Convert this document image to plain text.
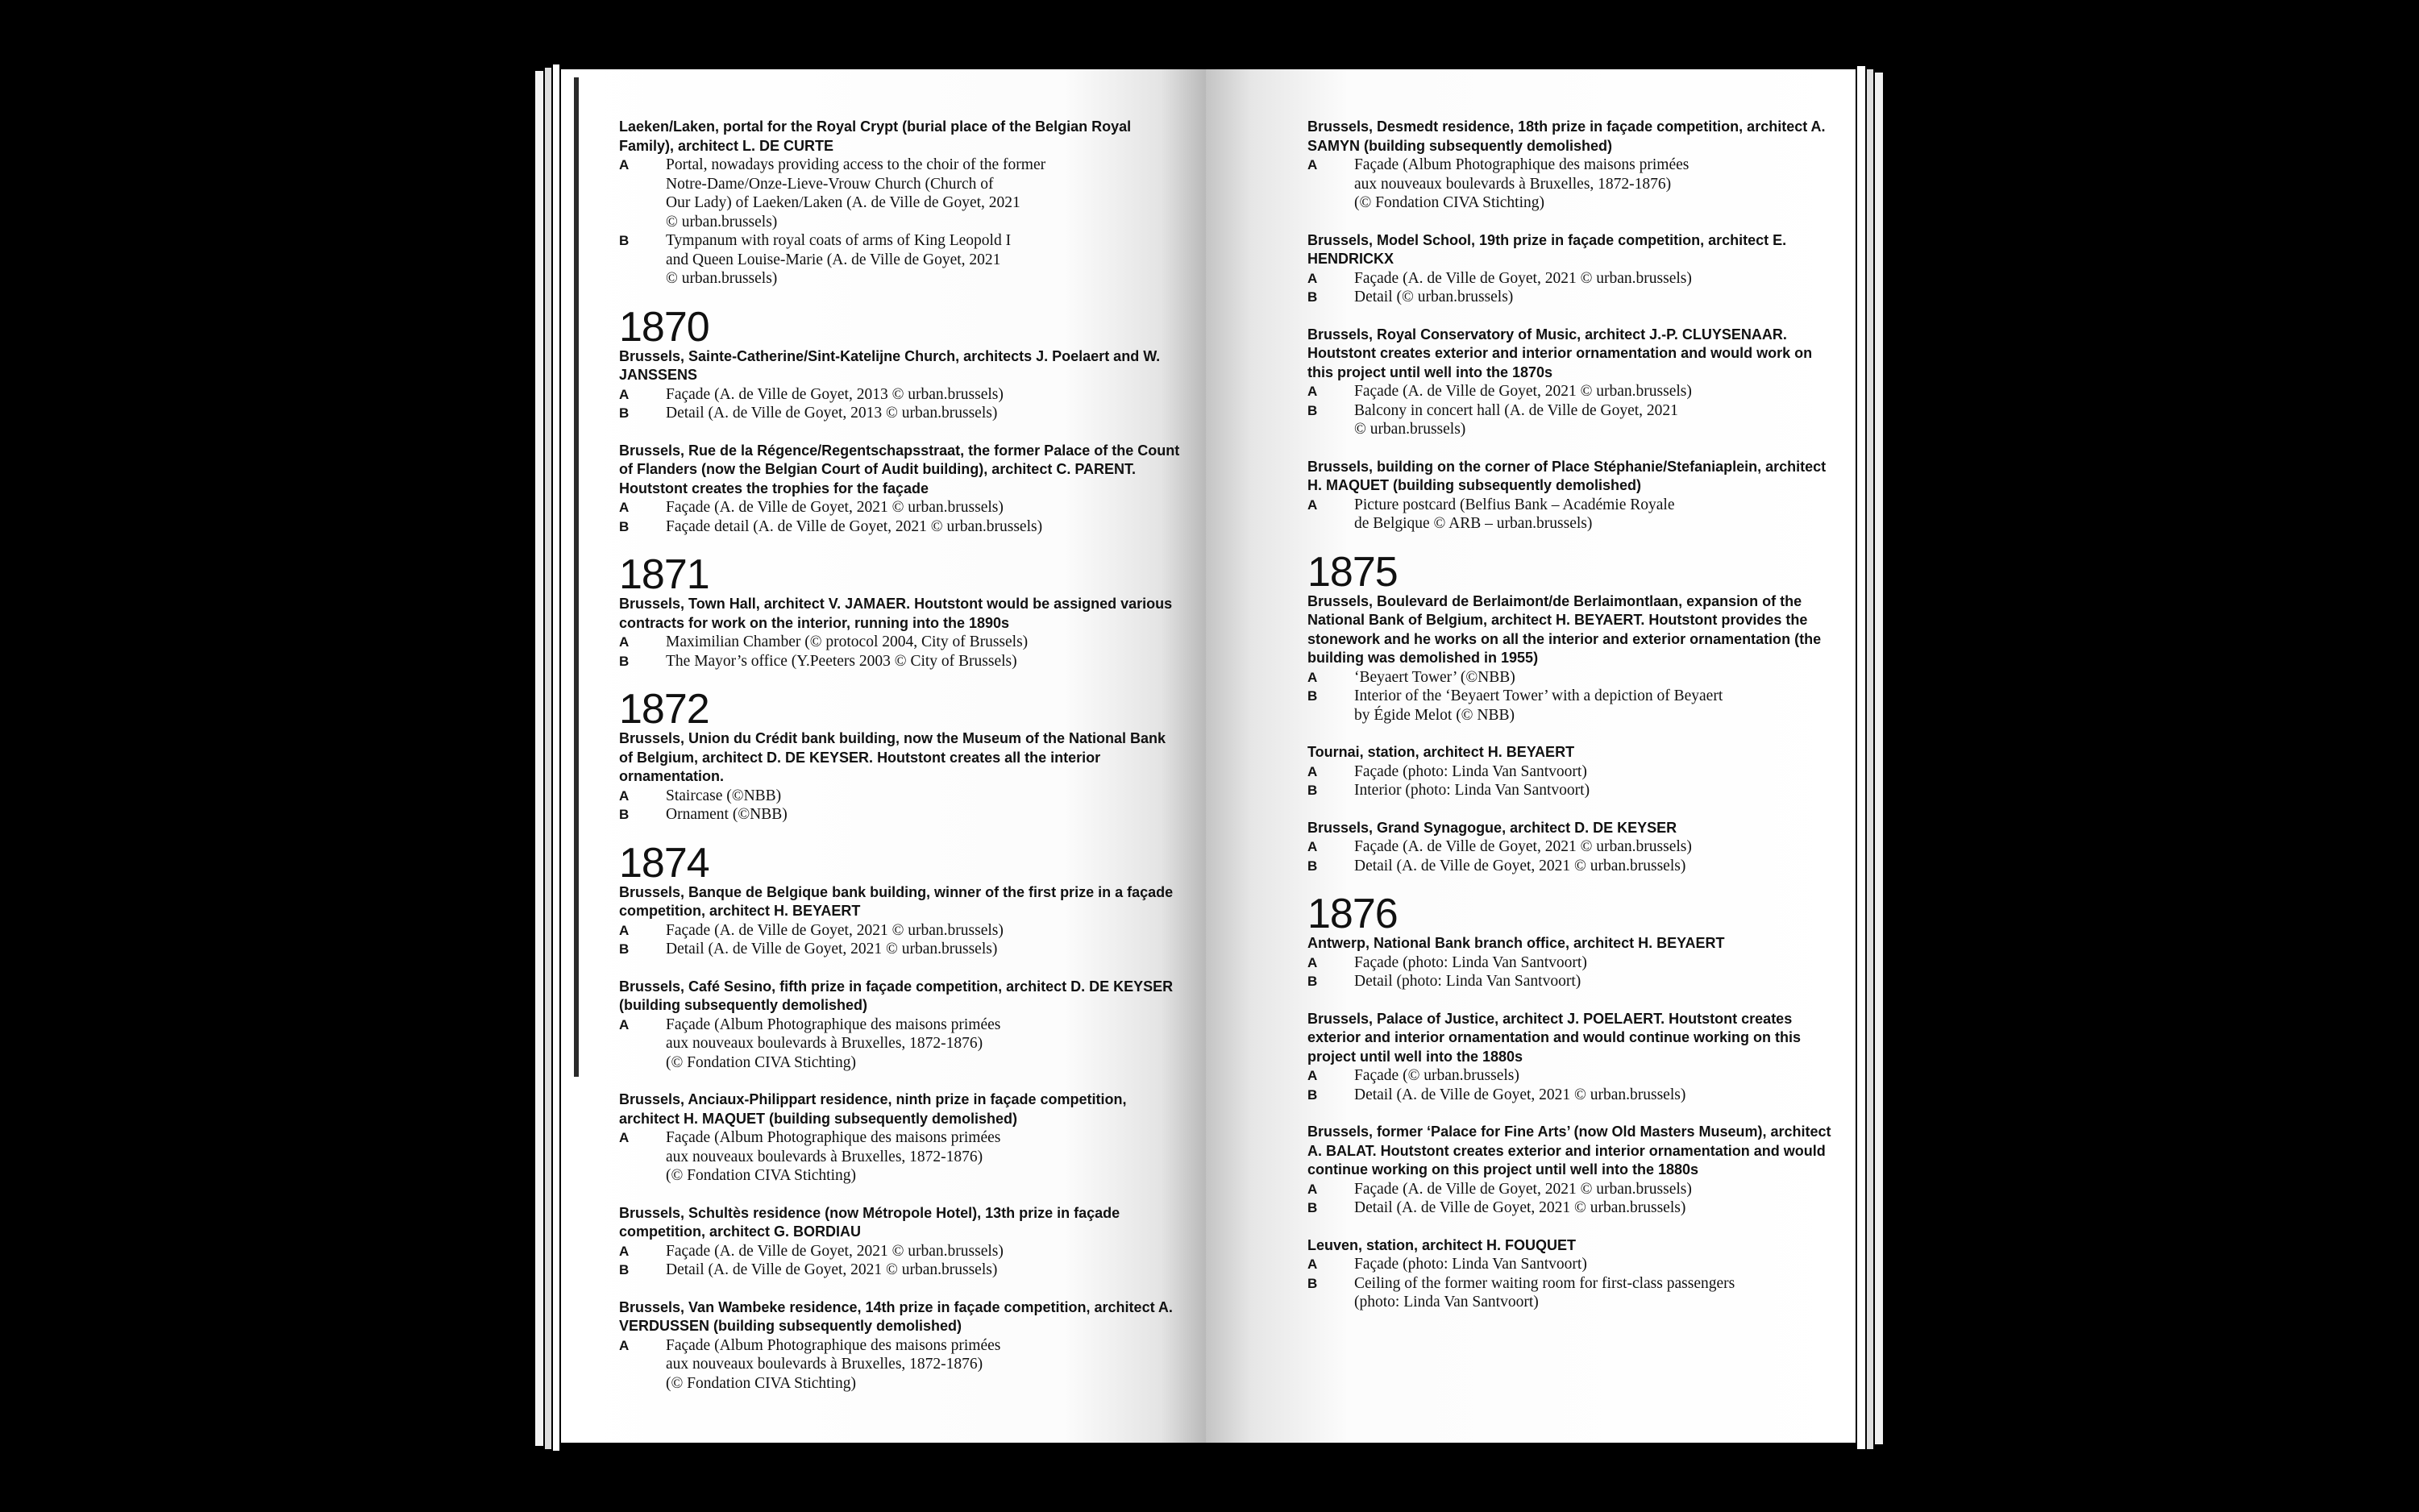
Laeken/Laken, portal for the Royal Crypt (burial place of the Belgian Royal Family), architect L. DE CURTE
A	Portal, nowadays providing access to the choir of the former
Notre-Dame/Onze-Lieve-Vrouw Church (Church of
Our Lady) of Laeken/Laken (A. de Ville de Goyet, 2021
© urban.brussels)
B	Tympanum with royal coats of arms of King Leopold I
and Queen Louise-Marie (A. de Ville de Goyet, 2021
© urban.brussels)
1870
Brussels, Sainte-Catherine/Sint-Katelijne Church, architects J. Poelaert and W. JANSSENS
A	Façade (A. de Ville de Goyet, 2013 © urban.brussels)
B	Detail (A. de Ville de Goyet, 2013 © urban.brussels)
Brussels, Rue de la Régence/Regentschapsstraat, the former Palace of the Count of Flanders (now the Belgian Court of Audit building), architect C. PARENT. Houtstont creates the trophies for the façade
A	Façade (A. de Ville de Goyet, 2021 © urban.brussels)
B	Façade detail (A. de Ville de Goyet, 2021 © urban.brussels)
1871
Brussels, Town Hall, architect V. JAMAER. Houtstont would be assigned various contracts for work on the interior, running into the 1890s
A	Maximilian Chamber (© protocol 2004, City of Brussels)
B	The Mayor’s office (Y.Peeters 2003 © City of Brussels)
1872
Brussels, Union du Crédit bank building, now the Museum of the National Bank of Belgium, architect D. DE KEYSER. Houtstont creates all the interior ornamentation.
A	Staircase (©NBB)
B	Ornament (©NBB)
1874
Brussels, Banque de Belgique bank building, winner of the first prize in a façade competition, architect H. BEYAERT
A	Façade (A. de Ville de Goyet, 2021 © urban.brussels)
B	Detail (A. de Ville de Goyet, 2021 © urban.brussels)
Brussels, Café Sesino, fifth prize in façade competition, architect D. DE KEYSER (building subsequently demolished)
A	Façade (Album Photographique des maisons primées
aux nouveaux boulevards à Bruxelles, 1872-1876)
(© Fondation CIVA Stichting)
Brussels, Anciaux-Philippart residence, ninth prize in façade competition, architect H. MAQUET (building subsequently demolished)
A	Façade (Album Photographique des maisons primées
aux nouveaux boulevards à Bruxelles, 1872-1876)
(© Fondation CIVA Stichting)
Brussels, Schultès residence (now Métropole Hotel), 13th prize in façade competition, architect G. BORDIAU
A	Façade (A. de Ville de Goyet, 2021 © urban.brussels)
B	Detail (A. de Ville de Goyet, 2021 © urban.brussels)
Brussels, Van Wambeke residence, 14th prize in façade competition, architect A. VERDUSSEN (building subsequently demolished)
A	Façade (Album Photographique des maisons primées
aux nouveaux boulevards à Bruxelles, 1872-1876)
(© Fondation CIVA Stichting)
Brussels, Desmedt residence, 18th prize in façade competition, architect A. SAMYN (building subsequently demolished)
A	Façade (Album Photographique des maisons primées
aux nouveaux boulevards à Bruxelles, 1872-1876)
(© Fondation CIVA Stichting)
Brussels, Model School, 19th prize in façade competition, architect E. HENDRICKX
A	Façade (A. de Ville de Goyet, 2021 © urban.brussels)
B	Detail (© urban.brussels)
Brussels, Royal Conservatory of Music, architect J.-P. CLUYSENAAR. Houtstont creates exterior and interior ornamentation and would work on this project until well into the 1870s
A	Façade (A. de Ville de Goyet, 2021 © urban.brussels)
B	Balcony in concert hall (A. de Ville de Goyet, 2021
© urban.brussels)
Brussels, building on the corner of Place Stéphanie/Stefaniaplein, architect H. MAQUET (building subsequently demolished)
A	Picture postcard (Belfius Bank – Académie Royale
de Belgique © ARB – urban.brussels)
1875
Brussels, Boulevard de Berlaimont/de Berlaimontlaan, expansion of the National Bank of Belgium, architect H. BEYAERT. Houtstont provides the stonework and he works on all the interior and exterior ornamentation (the building was demolished in 1955)
A	‘Beyaert Tower’ (©NBB)
B	Interior of the ‘Beyaert Tower’ with a depiction of Beyaert
by Égide Melot (© NBB)
Tournai, station, architect H. BEYAERT
A	Façade (photo: Linda Van Santvoort)
B	Interior (photo: Linda Van Santvoort)
Brussels, Grand Synagogue, architect D. DE KEYSER
A	Façade (A. de Ville de Goyet, 2021 © urban.brussels)
B	Detail (A. de Ville de Goyet, 2021 © urban.brussels)
1876
Antwerp, National Bank branch office, architect H. BEYAERT
A	Façade (photo: Linda Van Santvoort)
B	Detail (photo: Linda Van Santvoort)
Brussels, Palace of Justice, architect J. POELAERT. Houtstont creates exterior and interior ornamentation and would continue working on this project until well into the 1880s
A	Façade (© urban.brussels)
B	Detail (A. de Ville de Goyet, 2021 © urban.brussels)
Brussels, former ‘Palace for Fine Arts’ (now Old Masters Museum), architect A. BALAT. Houtstont creates exterior and interior ornamentation and would continue working on this project until well into the 1880s
A	Façade (A. de Ville de Goyet, 2021 © urban.brussels)
B	Detail (A. de Ville de Goyet, 2021 © urban.brussels)
Leuven, station, architect H. FOUQUET
A	Façade (photo: Linda Van Santvoort)
B	Ceiling of the former waiting room for first-class passengers
(photo: Linda Van Santvoort)
